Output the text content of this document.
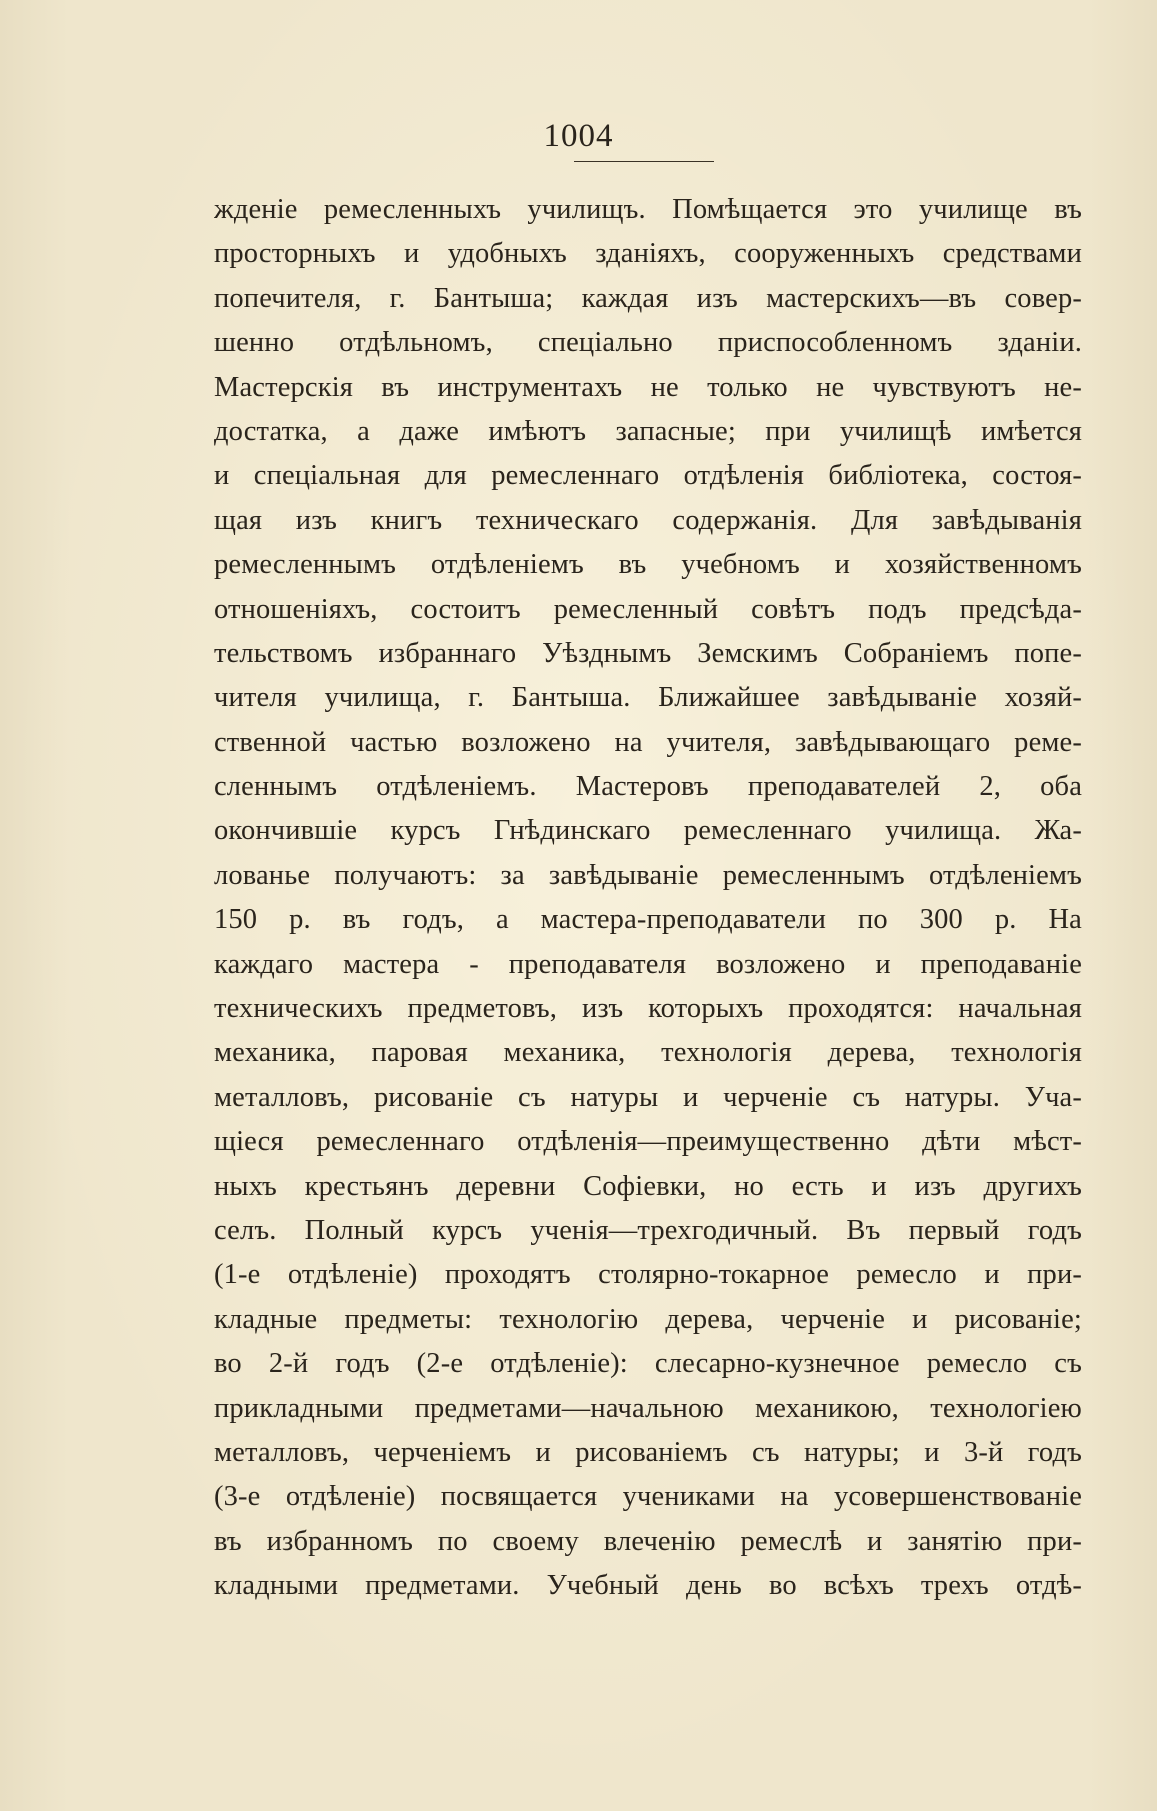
1004
жденіе ремесленныхъ училищъ. Помѣщается это училище въ
просторныхъ и удобныхъ зданіяхъ, сооруженныхъ средствами
попечителя, г. Бантыша; каждая изъ мастерскихъ—въ совер-
шенно отдѣльномъ, спеціально приспособленномъ зданіи.
Мастерскія въ инструментахъ не только не чувствуютъ не-
достатка, а даже имѣютъ запасные; при училищѣ имѣется
и спеціальная для ремесленнаго отдѣленія библіотека, состоя-
щая изъ книгъ техническаго содержанія. Для завѣдыванія
ремесленнымъ отдѣленіемъ въ учебномъ и хозяйственномъ
отношеніяхъ, состоитъ ремесленный совѣтъ подъ предсѣда-
тельствомъ избраннаго Уѣзднымъ Земскимъ Собраніемъ попе-
чителя училища, г. Бантыша. Ближайшее завѣдываніе хозяй-
ственной частью возложено на учителя, завѣдывающаго реме-
сленнымъ отдѣленіемъ. Мастеровъ преподавателей 2, оба
окончившіе курсъ Гнѣдинскаго ремесленнаго училища. Жа-
лованье получаютъ: за завѣдываніе ремесленнымъ отдѣленіемъ
150 р. въ годъ, а мастера-преподаватели по 300 р. На
каждаго мастера - преподавателя возложено и преподаваніе
техническихъ предметовъ, изъ которыхъ проходятся: начальная
механика, паровая механика, технологія дерева, технологія
металловъ, рисованіе съ натуры и черченіе съ натуры. Уча-
щіеся ремесленнаго отдѣленія—преимущественно дѣти мѣст-
ныхъ крестьянъ деревни Софіевки, но есть и изъ другихъ
селъ. Полный курсъ ученія—трехгодичный. Въ первый годъ
(1-е отдѣленіе) проходятъ столярно-токарное ремесло и при-
кладные предметы: технологію дерева, черченіе и рисованіе;
во 2-й годъ (2-е отдѣленіе): слесарно-кузнечное ремесло съ
прикладными предметами—начальною механикою, технологіею
металловъ, черченіемъ и рисованіемъ съ натуры; и 3-й годъ
(3-е отдѣленіе) посвящается учениками на усовершенствованіе
въ избранномъ по своему влеченію ремеслѣ и занятію при-
кладными предметами. Учебный день во всѣхъ трехъ отдѣ-
